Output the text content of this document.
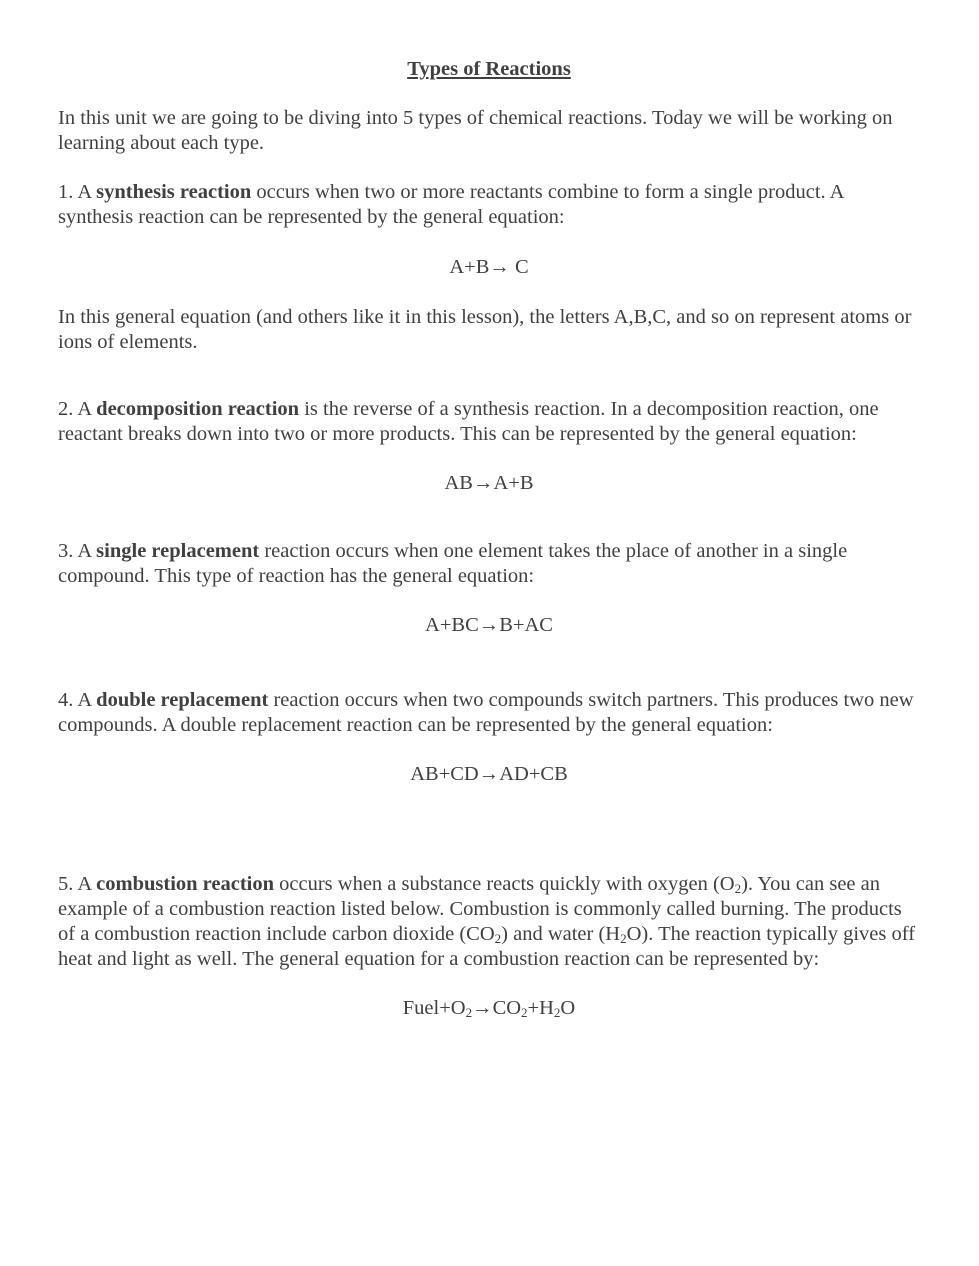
Types of Reactions

In this unit we are going to be diving into 5 types of chemical reactions. Today we will be working on learning about each type.

1. A synthesis reaction occurs when two or more reactants combine to form a single product. A synthesis reaction can be represented by the general equation:

A+B→ C

In this general equation (and others like it in this lesson), the letters A,B,C, and so on represent atoms or ions of elements.

2. A decomposition reaction is the reverse of a synthesis reaction. In a decomposition reaction, one reactant breaks down into two or more products. This can be represented by the general equation:

AB→A+B

3. A single replacement reaction occurs when one element takes the place of another in a single compound. This type of reaction has the general equation:

A+BC→B+AC

4. A double replacement reaction occurs when two compounds switch partners. This produces two new compounds. A double replacement reaction can be represented by the general equation:

AB+CD→AD+CB

5. A combustion reaction occurs when a substance reacts quickly with oxygen $(O_2)$. You can see an example of a combustion reaction listed below. Combustion is commonly called burning. The products of a combustion reaction include carbon dioxide $(CO_2)$ and water $(H_2O)$. The reaction typically gives off heat and light as well. The general equation for a combustion reaction can be represented by:

$Fuel+O_2\to CO_2+H_2O$
